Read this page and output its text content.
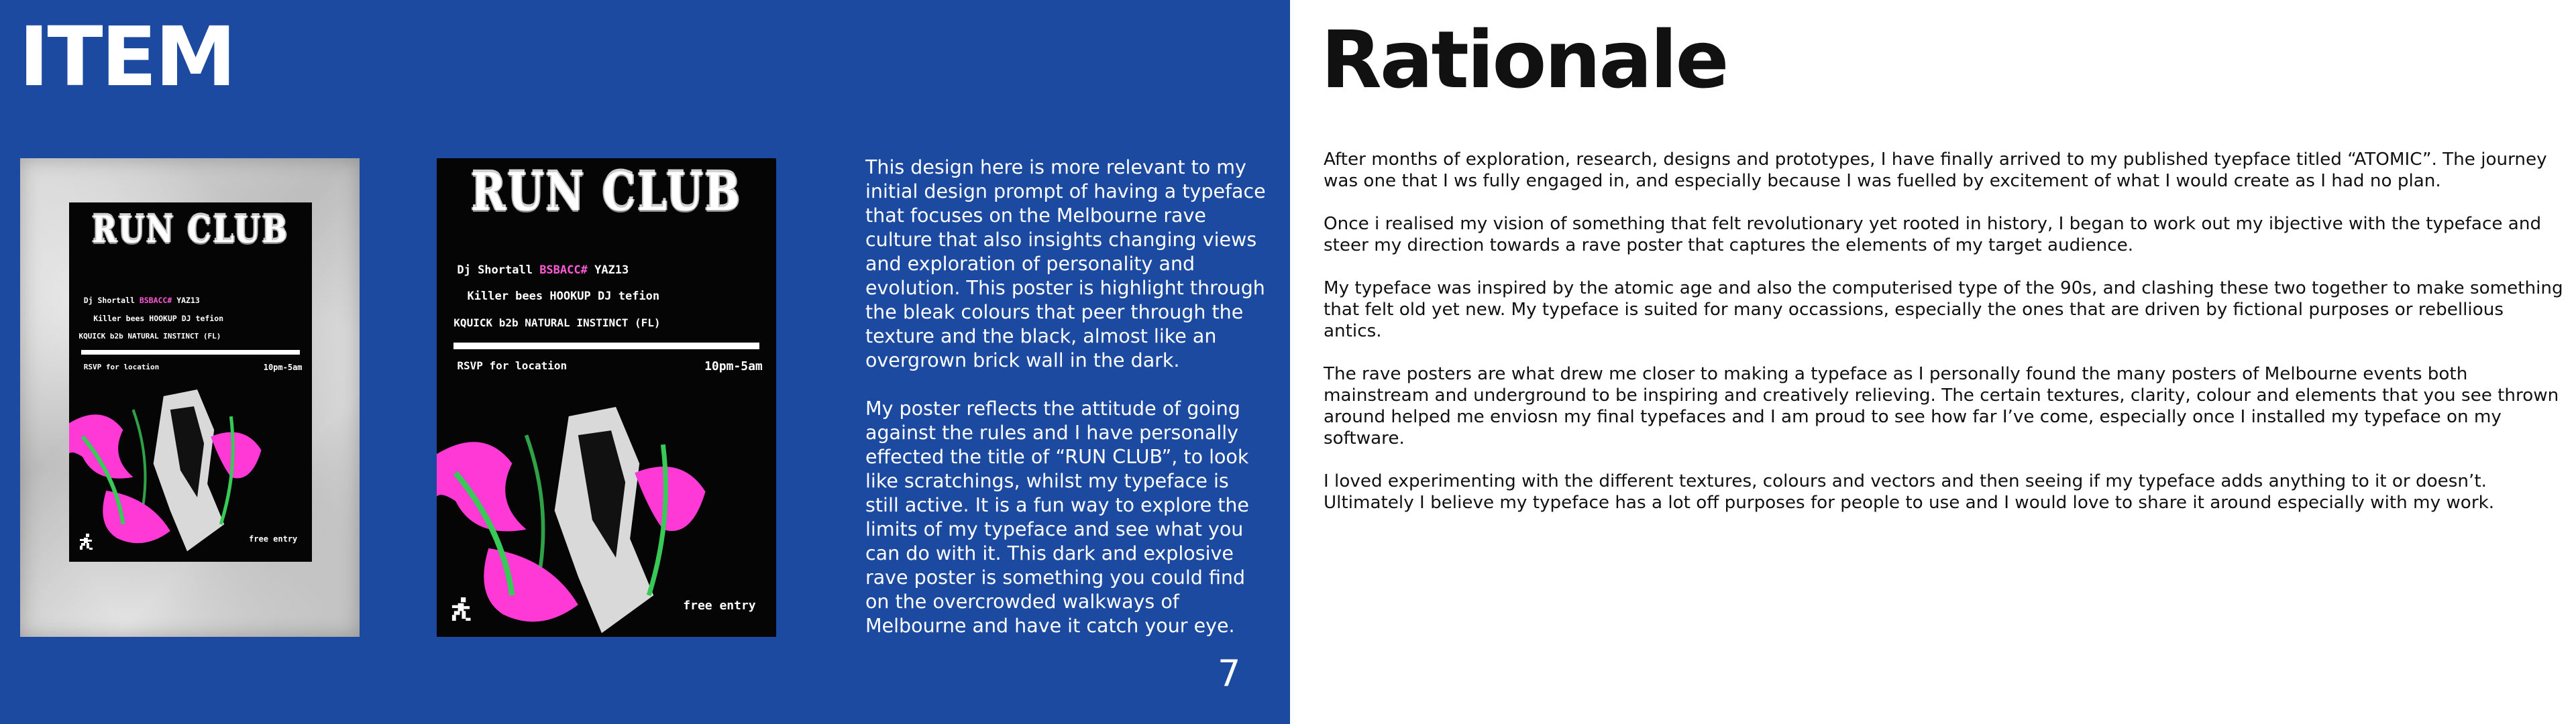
ITEM
RUN CLUB
Dj Shortall BSBACC# YAZ13
Killer bees HOOKUP DJ tefion
KQUICK b2b NATURAL INSTINCT (FL)
RSVP for location	10pm-5am
free entry
RUN CLUB
Dj Shortall BSBACC# YAZ13
Killer bees HOOKUP DJ tefion
KQUICK b2b NATURAL INSTINCT (FL)
RSVP for location	10pm-5am
free entry

This design here is more relevant to my initial design prompt of having a typeface that focuses on the Melbourne rave culture that also insights changing views and exploration of personality and evolution. This poster is highlight through the bleak colours that peer through the texture and the black, almost like an overgrown brick wall in the dark.

My poster reflects the attitude of going against the rules and I have personally effected the title of “RUN CLUB”, to look like scratchings, whilst my typeface is still active. It is a fun way to explore the limits of my typeface and see what you can do with it. This dark and explosive rave poster is something you could find on the overcrowded walkways of Melbourne and have it catch your eye.

7

Rationale

After months of exploration, research, designs and prototypes, I have finally arrived to my published tyepface titled “ATOMIC”. The journey was one that I ws fully engaged in, and especially because I was fuelled by excitement of what I would create as I had no plan.

Once i realised my vision of something that felt revolutionary yet rooted in history, I began to work out my ibjective with the typeface and steer my direction towards a rave poster that captures the elements of my target audience.

My typeface was inspired by the atomic age and also the computerised type of the 90s, and clashing these two together to make something that felt old yet new. My typeface is suited for many occassions, especially the ones that are driven by fictional purposes or rebellious antics.

The rave posters are what drew me closer to making a typeface as I personally found the many posters of Melbourne events both mainstream and underground to be inspiring and creatively relieving. The certain textures, clarity, colour and elements that you see thrown around helped me enviosn my final typefaces and I am proud to see how far I’ve come, especially once I installed my typeface on my software.

I loved experimenting with the different textures, colours and vectors and then seeing if my typeface adds anything to it or doesn’t. Ultimately I believe my typeface has a lot off purposes for people to use and I would love to share it around especially with my work.
